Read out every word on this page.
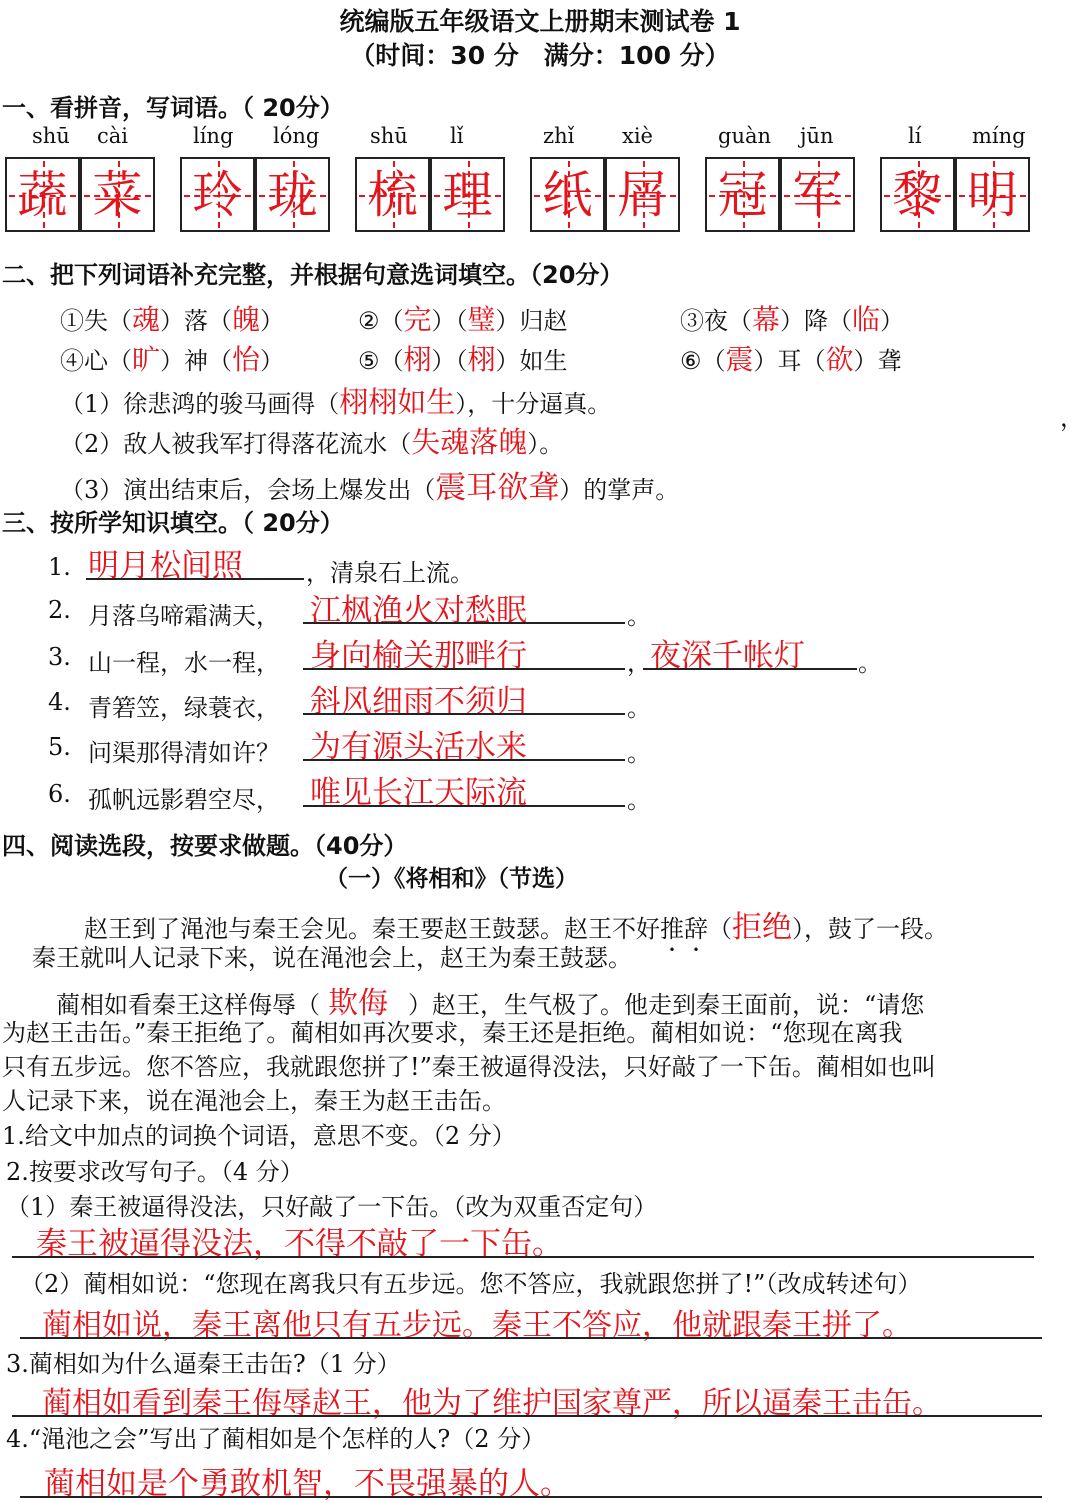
统编版五年级语文上册期末测试卷 1
（时间：30 分　满分：100 分）
一、看拼音，写词语。（ 20分）
shū cài
蔬 菜
líng lóng
玲 珑
shū lǐ
梳 理
zhǐ xiè
纸 屑
guàn jūn
冠 军
lí míng
黎 明
二、把下列词语补充完整，并根据句意选词填空。（20分）
①失（魂）落（魄）	②（完）（璧）归赵	③夜（幕）降（临）
④心（旷）神（怡）	⑤（栩）（栩）如生	⑥（震）耳（欲）聋
（1）徐悲鸿的骏马画得（栩栩如生），十分逼真。
（2）敌人被我军打得落花流水（失魂落魄）。
，
（3）演出结束后，会场上爆发出（震耳欲聋）的掌声。
三、按所学知识填空。（ 20分）
1. 明月松间照	，清泉石上流。
2. 月落乌啼霜满天， 江枫渔火对愁眠	。
3. 山一程，水一程， 身向榆关那畔行	， 夜深千帐灯 。
4. 青箬笠，绿蓑衣， 斜风细雨不须归	。
5. 问渠那得清如许？ 为有源头活水来	。
6. 孤帆远影碧空尽， 唯见长江天际流	。
四、阅读选段，按要求做题。（40分）
（一）《将相和》（节选）
赵王到了渑池与秦王会见。秦王要赵王鼓瑟。赵王不好推辞（拒绝），鼓了一段。
秦王就叫人记录下来，说在渑池会上，赵王为秦王鼓瑟。
蔺相如看秦王这样侮辱（ 欺侮 ）赵王，生气极了。他走到秦王面前，说：“请您
为赵王击缶。”秦王拒绝了。蔺相如再次要求，秦王还是拒绝。蔺相如说：“您现在离我
只有五步远。您不答应，我就跟您拼了!”秦王被逼得没法，只好敲了一下缶。蔺相如也叫
人记录下来，说在渑池会上，秦王为赵王击缶。
1.给文中加点的词换个词语，意思不变。（2 分）
2.按要求改写句子。（4 分）
（1）秦王被逼得没法，只好敲了一下缶。（改为双重否定句）
秦王被逼得没法，不得不敲了一下缶。
（2）蔺相如说：“您现在离我只有五步远。您不答应，我就跟您拼了!”（改成转述句）
蔺相如说，秦王离他只有五步远。秦王不答应，他就跟秦王拼了。
3.蔺相如为什么逼秦王击缶?（1 分）
蔺相如看到秦王侮辱赵王，他为了维护国家尊严，所以逼秦王击缶。
4.“渑池之会”写出了蔺相如是个怎样的人?（2 分）
蔺相如是个勇敢机智，不畏强暴的人。
